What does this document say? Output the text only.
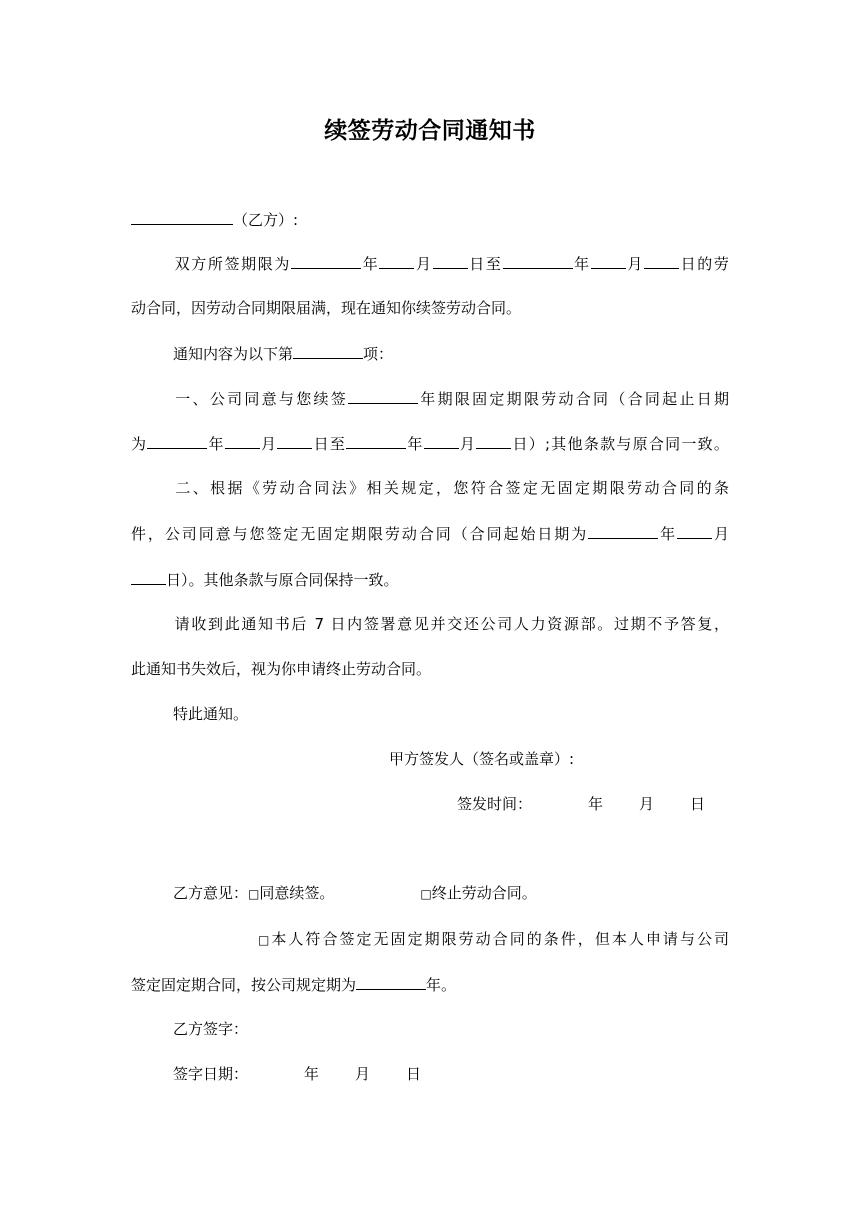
续签劳动合同通知书
（乙方）:
双方所签期限为	年 月 日至	年 月 日的劳
动合同，因劳动合同期限届满，现在通知你续签劳动合同。
通知内容为以下第	项：
一、公司同意与您续签	年期限固定期限劳动合同（合同起止日期
为	年 月 日至	年 月 日）;其他条款与原合同一致。
二、根据《劳动合同法》相关规定，您符合签定无固定期限劳动合同的条
件，公司同意与您签定无固定期限劳动合同（合同起始日期为	年 月
日）。其他条款与原合同保持一致。
请收到此通知书后 7 日内签署意见并交还公司人力资源部。过期不予答复，
此通知书失效后，视为你申请终止劳动合同。
特此通知。
甲方签发人（签名或盖章）:
签发时间：	年 月 日
乙方意见：□同意续签。	□终止劳动合同。
□本人符合签定无固定期限劳动合同的条件，但本人申请与公司
签定固定期合同，按公司规定期为	年。
乙方签字：
签字日期：	年 月 日
